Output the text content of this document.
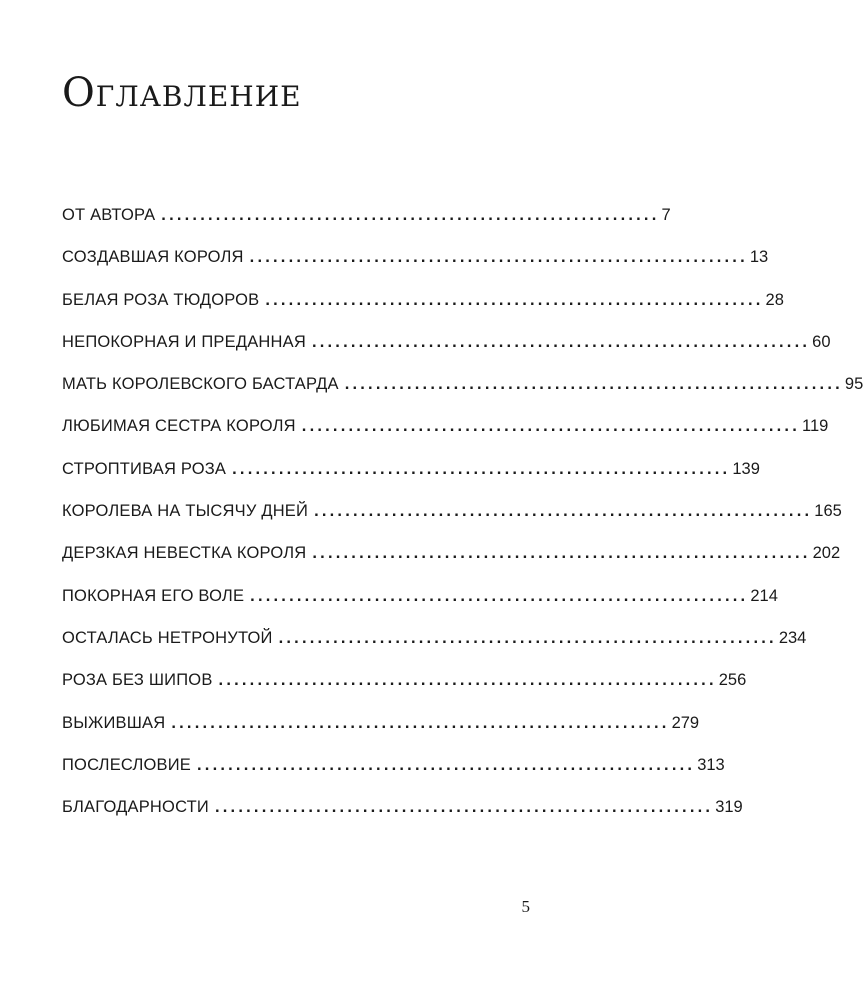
Оглавление
ОТ АВТОРА ................................................................ 7
СОЗДАВШАЯ КОРОЛЯ ................................................................ 13
БЕЛАЯ РОЗА ТЮДОРОВ ................................................................ 28
НЕПОКОРНАЯ И ПРЕДАННАЯ ................................................................ 60
МАТЬ КОРОЛЕВСКОГО БАСТАРДА ................................................................ 95
ЛЮБИМАЯ СЕСТРА КОРОЛЯ ................................................................ 119
СТРОПТИВАЯ РОЗА ................................................................ 139
КОРОЛЕВА НА ТЫСЯЧУ ДНЕЙ ................................................................ 165
ДЕРЗКАЯ НЕВЕСТКА КОРОЛЯ ................................................................ 202
ПОКОРНАЯ ЕГО ВОЛЕ ................................................................ 214
ОСТАЛАСЬ НЕТРОНУТОЙ ................................................................ 234
РОЗА БЕЗ ШИПОВ ................................................................ 256
ВЫЖИВШАЯ ................................................................ 279
ПОСЛЕСЛОВИЕ ................................................................ 313
БЛАГОДАРНОСТИ ................................................................ 319
5
